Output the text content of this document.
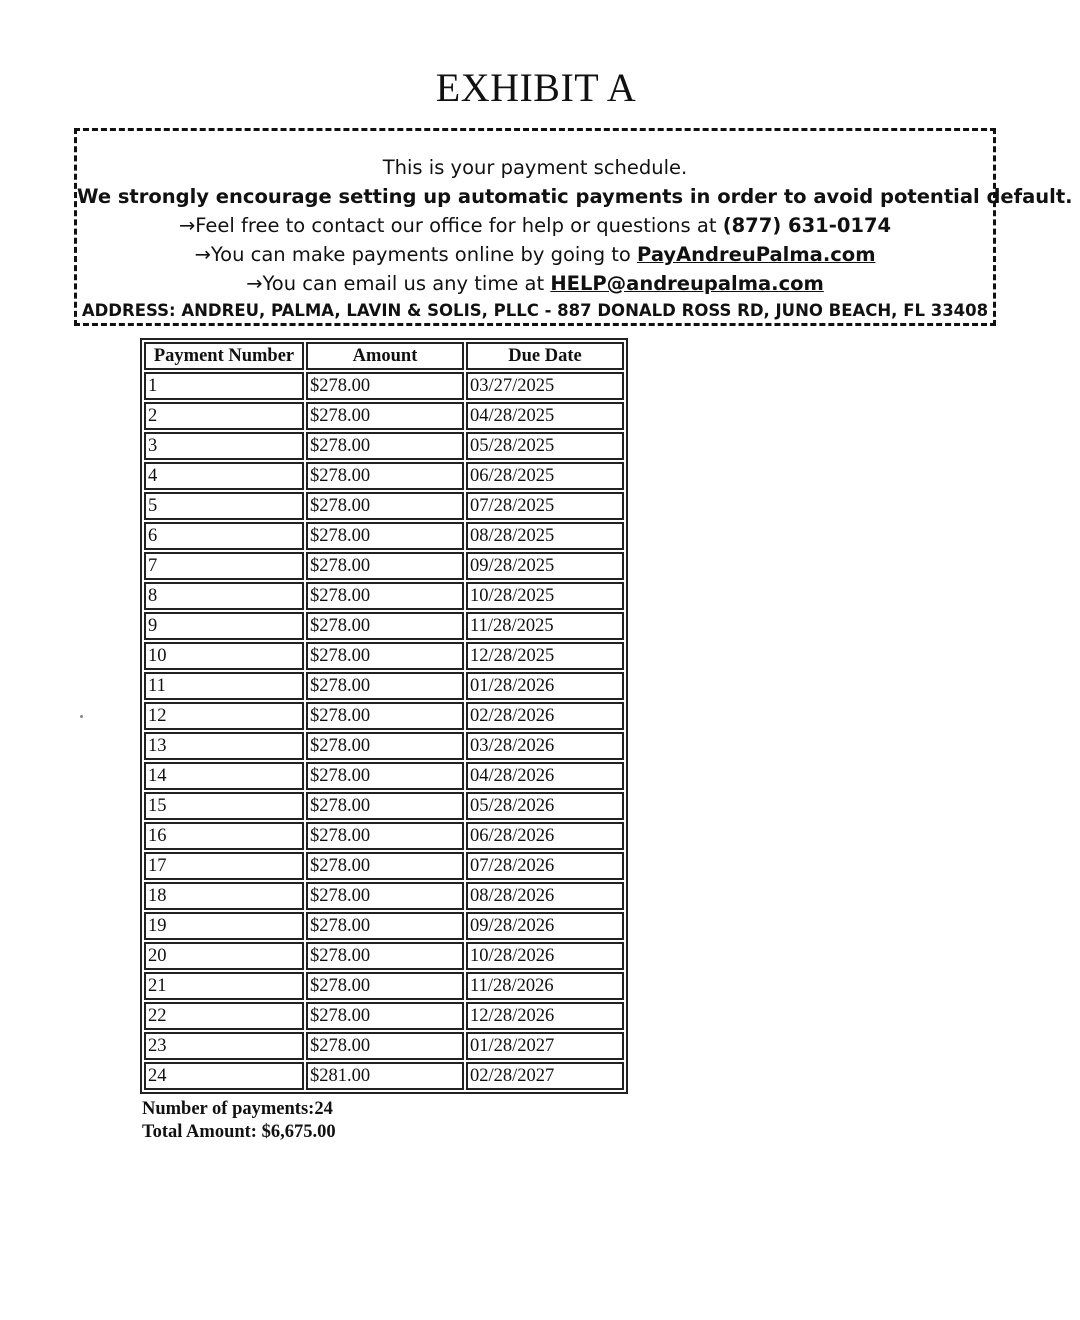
EXHIBIT A
This is your payment schedule.
We strongly encourage setting up automatic payments in order to avoid potential default.
→Feel free to contact our office for help or questions at (877) 631-0174
→You can make payments online by going to PayAndreuPalma.com
→You can email us any time at HELP@andreupalma.com
ADDRESS: ANDREU, PALMA, LAVIN & SOLIS, PLLC - 887 DONALD ROSS RD, JUNO BEACH, FL 33408
Payment Number	Amount	Due Date
1	$278.00	03/27/2025
2	$278.00	04/28/2025
3	$278.00	05/28/2025
4	$278.00	06/28/2025
5	$278.00	07/28/2025
6	$278.00	08/28/2025
7	$278.00	09/28/2025
8	$278.00	10/28/2025
9	$278.00	11/28/2025
10	$278.00	12/28/2025
11	$278.00	01/28/2026
12	$278.00	02/28/2026
13	$278.00	03/28/2026
14	$278.00	04/28/2026
15	$278.00	05/28/2026
16	$278.00	06/28/2026
17	$278.00	07/28/2026
18	$278.00	08/28/2026
19	$278.00	09/28/2026
20	$278.00	10/28/2026
21	$278.00	11/28/2026
22	$278.00	12/28/2026
23	$278.00	01/28/2027
24	$281.00	02/28/2027
Number of payments:24
Total Amount: $6,675.00
